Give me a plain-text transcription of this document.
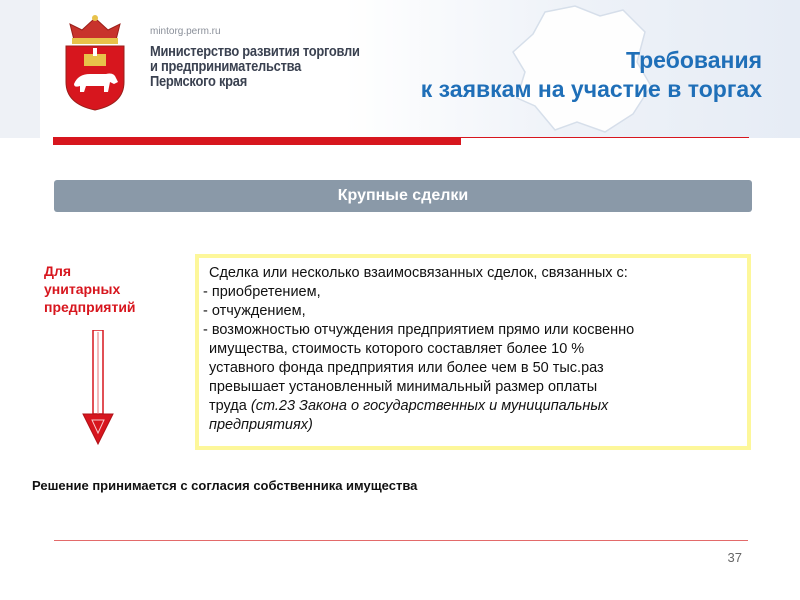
mintorg.perm.ru
Министерство развития торговли
и предпринимательства
Пермского края
Требования
к заявкам на участие в торгах
Крупные сделки
Для
унитарных
предприятий

Сделка или несколько взаимосвязанных сделок, связанных с:

- приобретением,

- отчуждением,

- возможностью отчуждения предприятием прямо или косвенно

имущества, стоимость которого составляет более 10 %

уставного фонда предприятия или более чем в 50 тыс.раз

превышает установленный минимальный размер оплаты

труда (ст.23 Закона о государственных и муниципальных

предприятиях)

Решение принимается с согласия собственника имущества
37
